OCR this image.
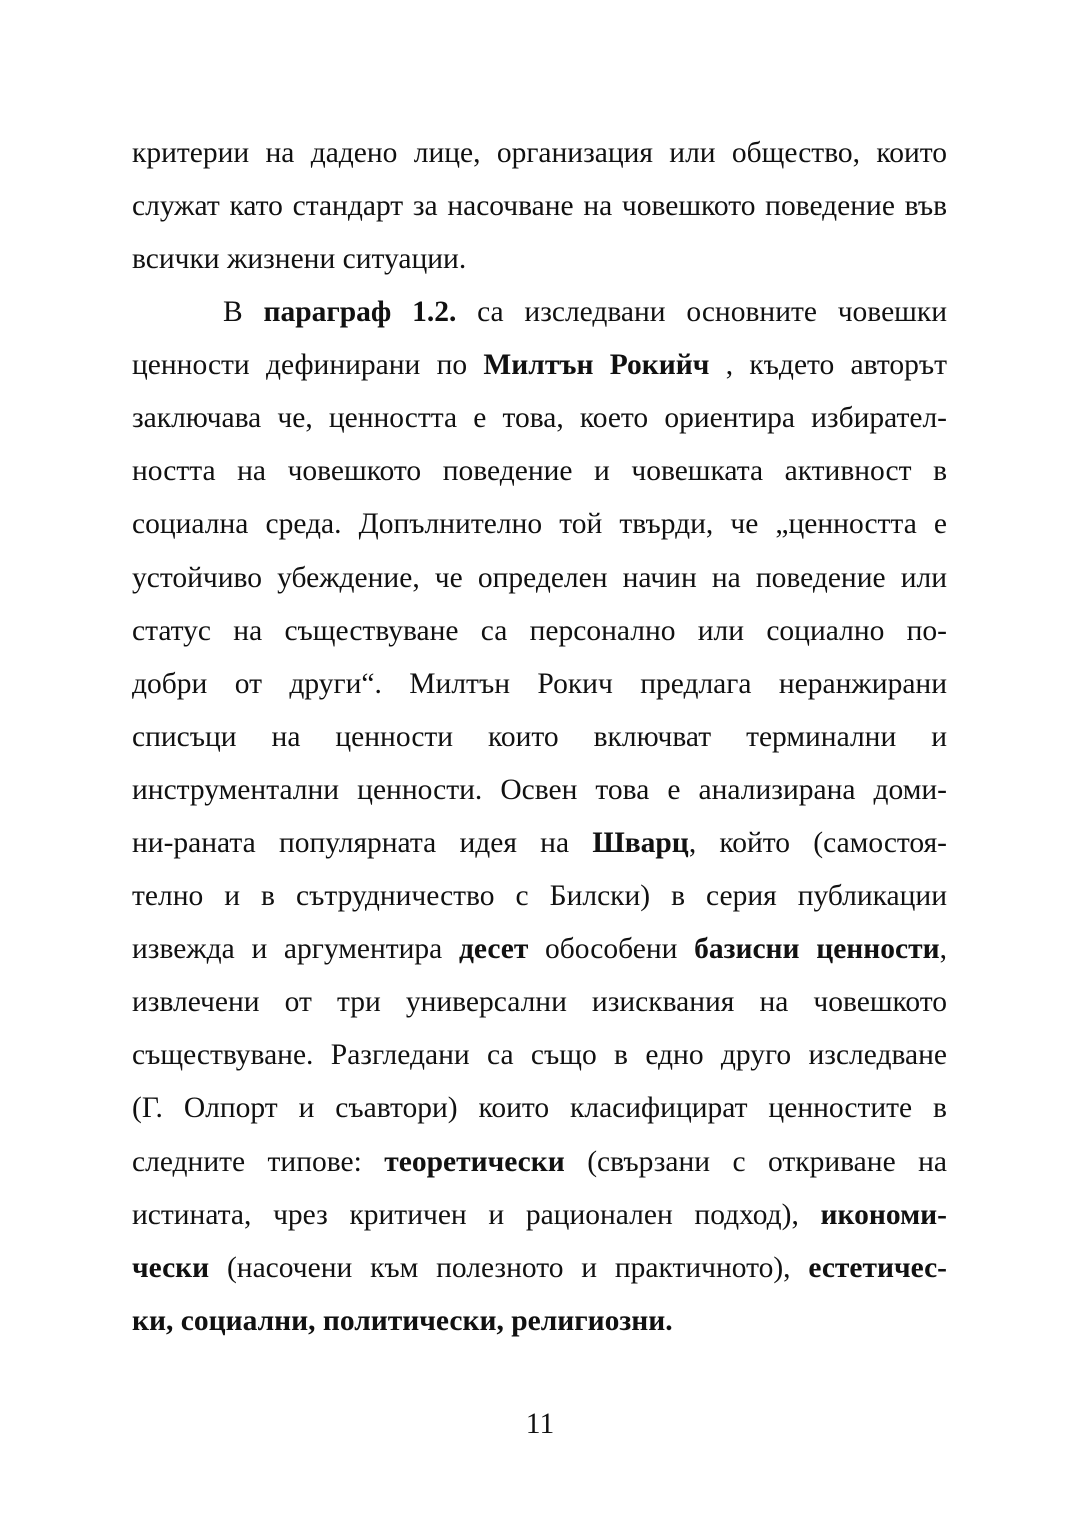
критерии на дадено лице, организация или общество, които
служат като стандарт за насочване на човешкото поведение във
всички жизнени ситуации.
В параграф 1.2. са изследвани основните човешки
ценности дефинирани по Милтън Рокийч , където авторът
заключава че, ценността е това, което ориентира избирател-
ността на човешкото поведение и човешката активност в
социална среда. Допълнително той твърди, че „ценността е
устойчиво убеждение, че определен начин на поведение или
статус на съществуване са персонално или социално по-
добри от други“. Милтън Рокич предлага неранжирани
списъци на ценности които включват терминални и
инструментални ценности. Освен това е анализирана доми-
ни-раната популярната идея на Шварц, който (самостоя-
телно и в сътрудничество с Билски) в серия публикации
извежда и аргументира десет обособени базисни ценности,
извлечени от три универсални изисквания на човешкото
съществуване. Разгледани са също в едно друго изследване
(Г. Олпорт и съавтори) които класифицират ценностите в
следните типове: теоретически (свързани с откриване на
истината, чрез критичен и рационален подход), икономи-
чески (насочени към полезното и практичното), естетичес-
ки, социални, политически, религиозни.
11
